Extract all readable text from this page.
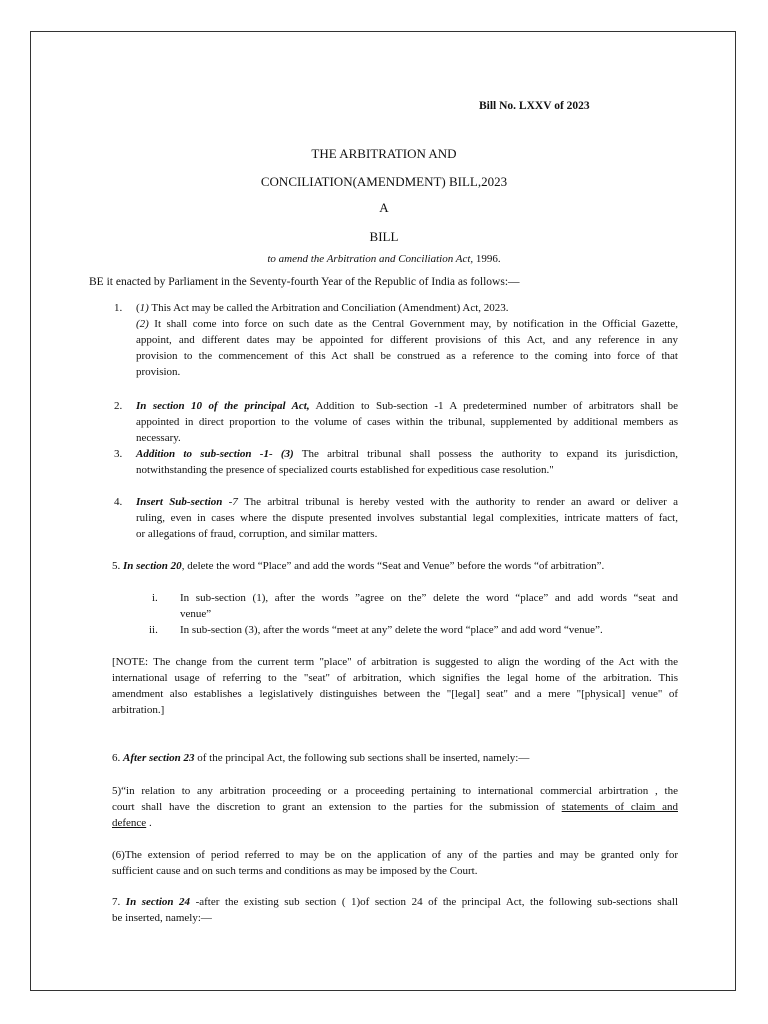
Bill No. LXXV of 2023
THE ARBITRATION AND
CONCILIATION(AMENDMENT) BILL,2023
A
BILL
to amend the Arbitration and Conciliation Act, 1996.
BE it enacted by Parliament in the Seventy-fourth Year of the Republic of India as follows:—
1. (1) This Act may be called the Arbitration and Conciliation (Amendment) Act, 2023.
(2) It shall come into force on such date as the Central Government may, by notification in the Official Gazette,
appoint, and different dates may be appointed for different provisions of this Act, and any reference in any
provision to the commencement of this Act shall be construed as a reference to the coming into force of that
provision.
2. In section 10 of the principal Act, Addition to Sub-section -1 A predetermined number of arbitrators shall be
appointed in direct proportion to the volume of cases within the tribunal, supplemented by additional members as
necessary.
3. Addition to sub-section -1- (3) The arbitral tribunal shall possess the authority to expand its jurisdiction,
notwithstanding the presence of specialized courts established for expeditious case resolution."
4. Insert Sub-section -7 The arbitral tribunal is hereby vested with the authority to render an award or deliver a
ruling, even in cases where the dispute presented involves substantial legal complexities, intricate matters of fact,
or allegations of fraud, corruption, and similar matters.
5. In section 20, delete the word “Place” and add the words “Seat and Venue” before the words “of arbitration”.
i. In sub-section (1), after the words ”agree on the” delete the word “place” and add words “seat and
venue”
ii. In sub-section (3), after the words “meet at any” delete the word “place” and add word “venue”.
[NOTE: The change from the current term "place" of arbitration is suggested to align the wording of the Act with the
international usage of referring to the "seat" of arbitration, which signifies the legal home of the arbitration. This
amendment also establishes a legislatively distinguishes between the "[legal] seat" and a mere "[physical] venue" of
arbitration.]
6. After section 23 of the principal Act, the following sub sections shall be inserted, namely:—
5)“in relation to any arbitration proceeding or a proceeding pertaining to international commercial arbirtration , the
court shall have the discretion to grant an extension to the parties for the submission of statements of claim and
defence .
(6)The extension of period referred to may be on the application of any of the parties and may be granted only for
sufficient cause and on such terms and conditions as may be imposed by the Court.
7. In section 24 -after the existing sub section ( 1)of section 24 of the principal Act, the following sub-sections shall
be inserted, namely:—
